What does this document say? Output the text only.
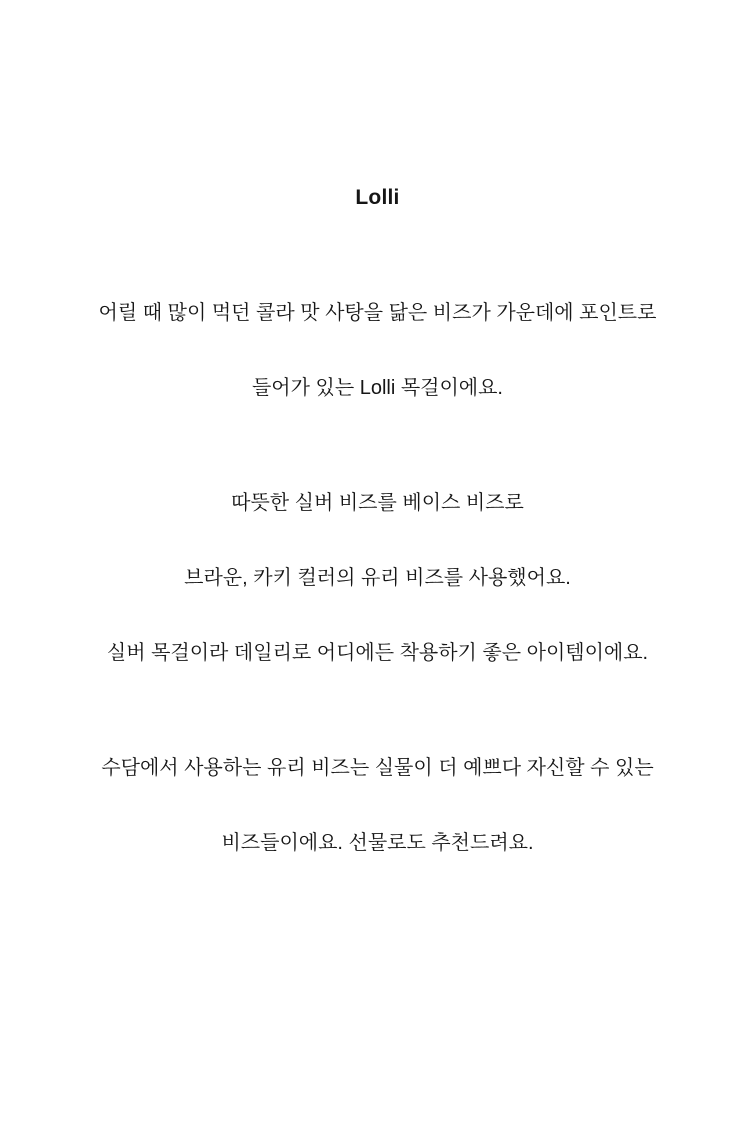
Lolli

어릴 때 많이 먹던 콜라 맛 사탕을 닮은 비즈가 가운데에 포인트로

들어가 있는 Lolli 목걸이에요.

따뜻한 실버 비즈를 베이스 비즈로

브라운, 카키 컬러의 유리 비즈를 사용했어요.

실버 목걸이라 데일리로 어디에든 착용하기 좋은 아이템이에요.

수담에서 사용하는 유리 비즈는 실물이 더 예쁘다 자신할 수 있는

비즈들이에요. 선물로도 추천드려요.
